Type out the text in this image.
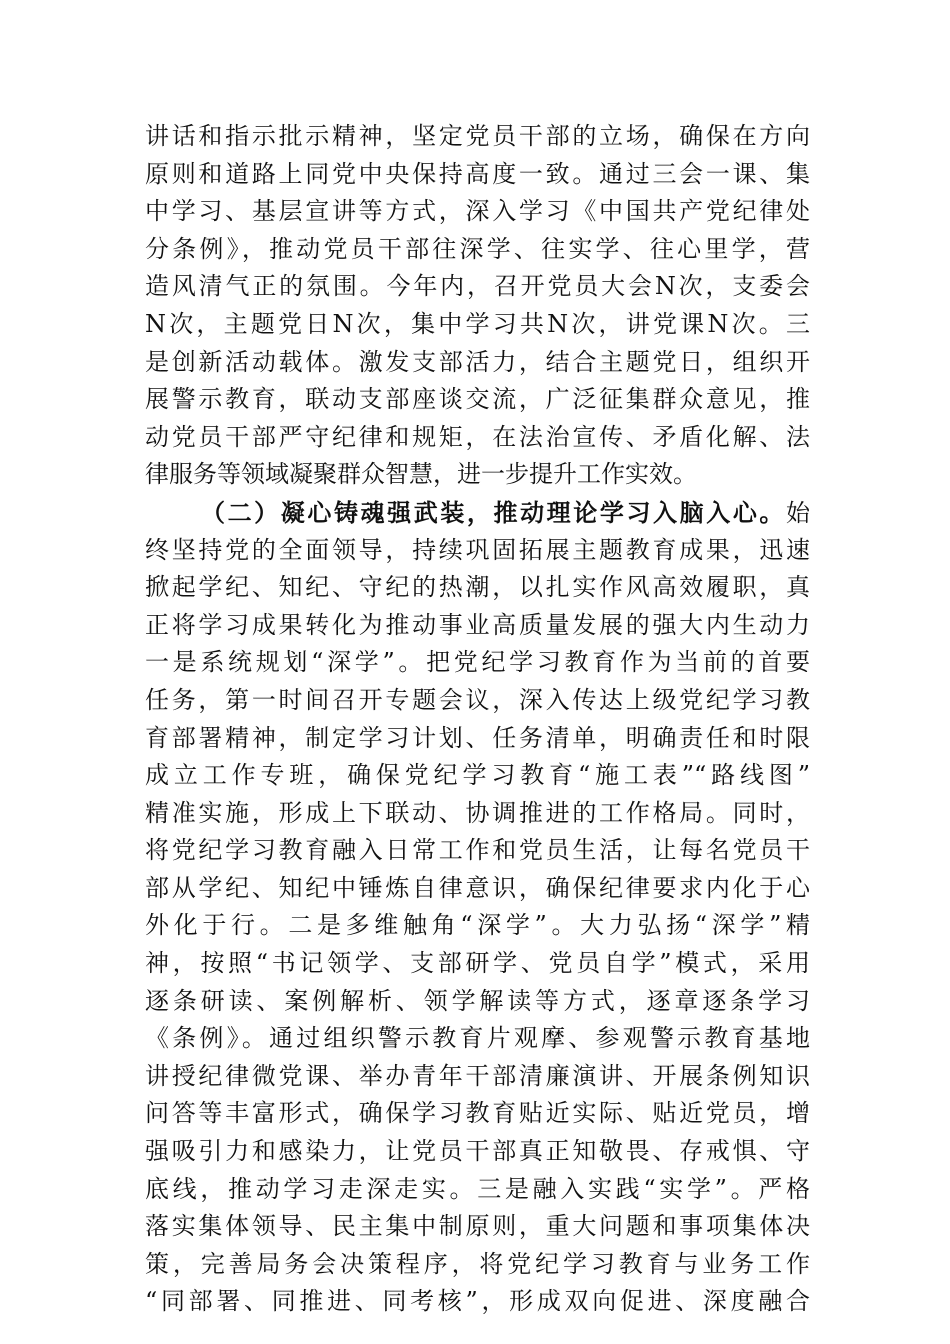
讲话和指示批示精神，坚定党员干部的立场，确保在方向
原则和道路上同党中央保持高度一致。通过三会一课、集
中学习、基层宣讲等方式，深入学习《中国共产党纪律处
分条例》，推动党员干部往深学、往实学、往心里学，营
造风清气正的氛围。今年内，召开党员大会N次，支委会
N次，主题党日N次，集中学习共N次，讲党课N次。三
是创新活动载体。激发支部活力，结合主题党日，组织开
展警示教育，联动支部座谈交流，广泛征集群众意见，推
动党员干部严守纪律和规矩，在法治宣传、矛盾化解、法
律服务等领域凝聚群众智慧，进一步提升工作实效。
（二）凝心铸魂强武装，推动理论学习入脑入心。始
终坚持党的全面领导，持续巩固拓展主题教育成果，迅速
掀起学纪、知纪、守纪的热潮，以扎实作风高效履职，真
正将学习成果转化为推动事业高质量发展的强大内生动力
一是系统规划“深学”。把党纪学习教育作为当前的首要
任务，第一时间召开专题会议，深入传达上级党纪学习教
育部署精神，制定学习计划、任务清单，明确责任和时限
成立工作专班，确保党纪学习教育“施工表”“路线图”
精准实施，形成上下联动、协调推进的工作格局。同时，
将党纪学习教育融入日常工作和党员生活，让每名党员干
部从学纪、知纪中锤炼自律意识，确保纪律要求内化于心
外化于行。二是多维触角“深学”。大力弘扬“深学”精
神，按照“书记领学、支部研学、党员自学”模式，采用
逐条研读、案例解析、领学解读等方式，逐章逐条学习
《条例》。通过组织警示教育片观摩、参观警示教育基地
讲授纪律微党课、举办青年干部清廉演讲、开展条例知识
问答等丰富形式，确保学习教育贴近实际、贴近党员，增
强吸引力和感染力，让党员干部真正知敬畏、存戒惧、守
底线，推动学习走深走实。三是融入实践“实学”。严格
落实集体领导、民主集中制原则，重大问题和事项集体决
策，完善局务会决策程序，将党纪学习教育与业务工作
“同部署、同推进、同考核”，形成双向促进、深度融合
